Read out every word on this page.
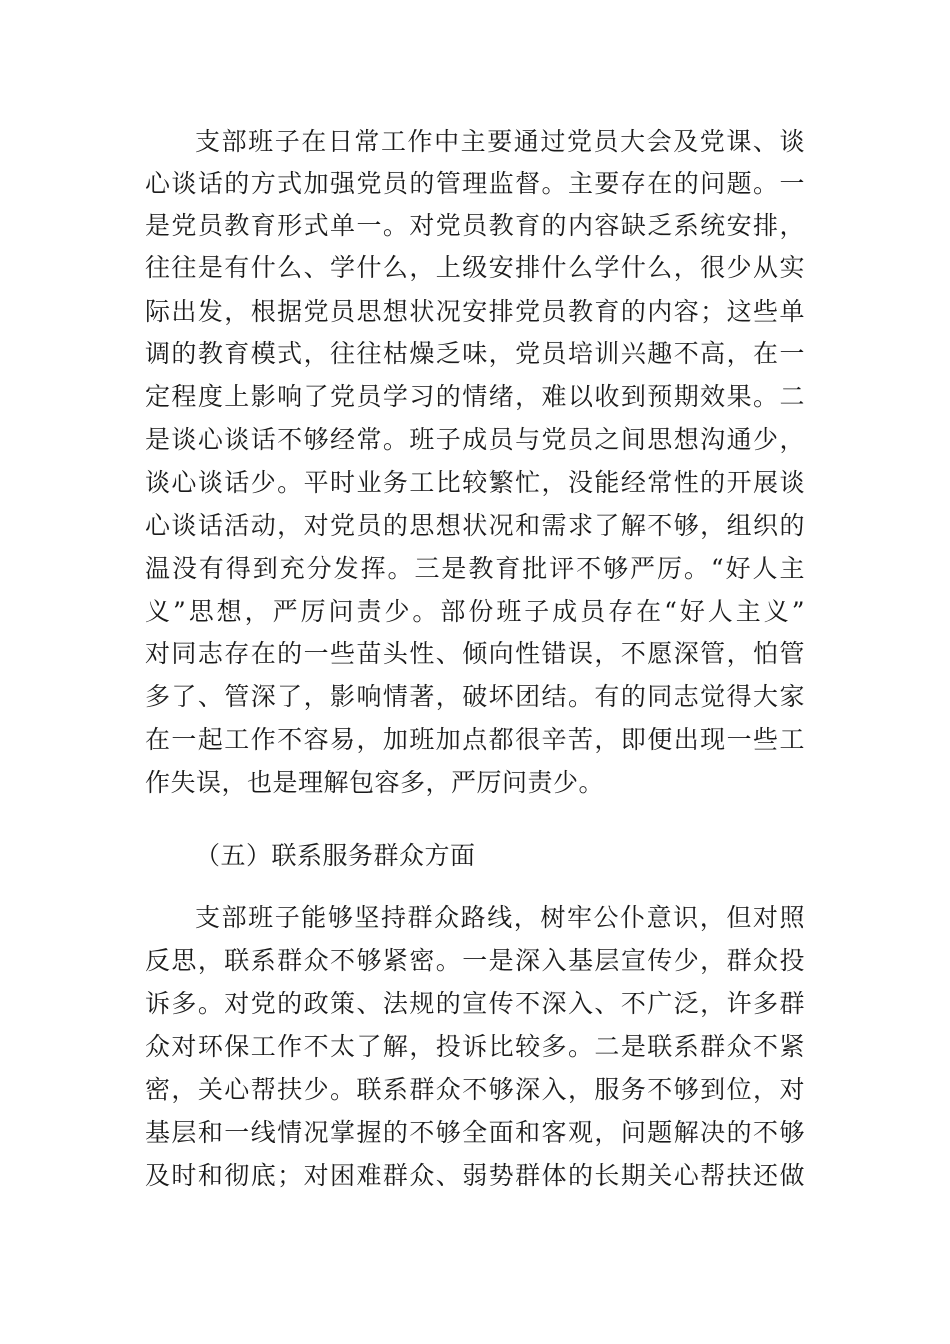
支部班子在日常工作中主要通过党员大会及党课、谈
心谈话的方式加强党员的管理监督。主要存在的问题。一
是党员教育形式单一。对党员教育的内容缺乏系统安排，
往往是有什么、学什么，上级安排什么学什么，很少从实
际出发，根据党员思想状况安排党员教育的内容；这些单
调的教育模式，往往枯燥乏味，党员培训兴趣不高，在一
定程度上影响了党员学习的情绪，难以收到预期效果。二
是谈心谈话不够经常。班子成员与党员之间思想沟通少，
谈心谈话少。平时业务工比较繁忙，没能经常性的开展谈
心谈话活动，对党员的思想状况和需求了解不够，组织的
温没有得到充分发挥。三是教育批评不够严厉。“好人主
义”思想，严厉问责少。部份班子成员存在“好人主义”
对同志存在的一些苗头性、倾向性错误，不愿深管，怕管
多了、管深了，影响情著，破坏团结。有的同志觉得大家
在一起工作不容易，加班加点都很辛苦，即便出现一些工
作失误，也是理解包容多，严厉问责少。
（五）联系服务群众方面
支部班子能够坚持群众路线，树牢公仆意识，但对照
反思，联系群众不够紧密。一是深入基层宣传少，群众投
诉多。对党的政策、法规的宣传不深入、不广泛，许多群
众对环保工作不太了解，投诉比较多。二是联系群众不紧
密，关心帮扶少。联系群众不够深入，服务不够到位，对
基层和一线情况掌握的不够全面和客观，问题解决的不够
及时和彻底；对困难群众、弱势群体的长期关心帮扶还做
